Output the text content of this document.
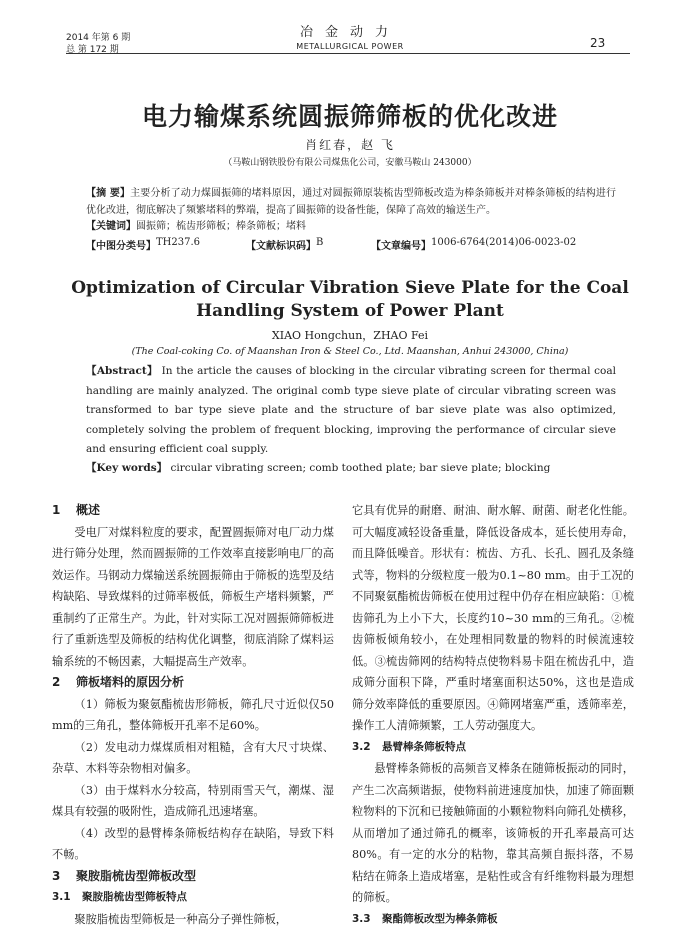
2014 年第 6 期
总 第 172 期
冶金动力
METALLURGICAL POWER	23
电力输煤系统圆振筛筛板的优化改进
肖红春，赵 飞
（马鞍山钢铁股份有限公司煤焦化公司，安徽马鞍山 243000）
【摘 要】主要分析了动力煤圆振筛的堵料原因，通过对圆振筛原装梳齿型筛板改造为棒条筛板并对棒条筛板的结构进行优化改进，彻底解决了频繁堵料的弊端，提高了圆振筛的设备性能，保障了高效的输送生产。
【关键词】圆振筛；梳齿形筛板；棒条筛板；堵料
【中图分类号】 TH237.6	【文献标识码】 B	【文章编号】 1006-6764(2014)06-0023-02
Optimization of Circular Vibration Sieve Plate for the Coal Handling System of Power Plant
XIAO Hongchun，ZHAO Fei
(The Coal-coking Co. of Maanshan Iron & Steel Co., Ltd. Maanshan, Anhui 243000, China)
【Abstract】 In the article the causes of blocking in the circular vibrating screen for thermal coal handling are mainly analyzed. The original comb type sieve plate of circular vibrating screen was transformed to bar type sieve plate and the structure of bar sieve plate was also optimized, completely solving the problem of frequent blocking, improving the performance of circular sieve and ensuring efficient coal supply.
【Key words】 circular vibrating screen; comb toothed plate; bar sieve plate; blocking
1 概述

受电厂对煤料粒度的要求，配置圆振筛对电厂动力煤进行筛分处理，然而圆振筛的工作效率直接影响电厂的高效运作。马钢动力煤输送系统圆振筛由于筛板的选型及结构缺陷、导致煤料的过筛率极低，筛板生产堵料频繁，严重制约了正常生产。为此，针对实际工况对圆振筛筛板进行了重新选型及筛板的结构优化调整，彻底消除了煤料运输系统的不畅因素，大幅提高生产效率。

2 筛板堵料的原因分析

（1）筛板为聚氨酯梳齿形筛板，筛孔尺寸近似仅50 mm的三角孔，整体筛板开孔率不足60%。

（2）发电动力煤煤质相对粗糙，含有大尺寸块煤、杂草、木料等杂物相对偏多。

（3）由于煤料水分较高，特别雨雪天气，潮煤、湿煤具有较强的吸附性，造成筛孔迅速堵塞。

（4）改型的悬臂棒条筛板结构存在缺陷，导致下料不畅。

3 聚胺脂梳齿型筛板改型
3.1 聚胺脂梳齿型筛板特点

聚胺脂梳齿型筛板是一种高分子弹性筛板，

它具有优异的耐磨、耐油、耐水解、耐菌、耐老化性能。可大幅度减轻设备重量，降低设备成本，延长使用寿命，而且降低噪音。形状有：梳齿、方孔、长孔、圆孔及条缝式等，物料的分级粒度一般为0.1~80 mm。由于工况的不同聚氨酯梳齿筛板在使用过程中仍存在相应缺陷：①梳齿筛孔为上小下大，长度约10~30 mm的三角孔。②梳齿筛板倾角较小，在处理相同数量的物料的时候流速较低。③梳齿筛网的结构特点使物料易卡阻在梳齿孔中，造成筛分面积下降，严重时堵塞面积达50%，这也是造成筛分效率降低的重要原因。④筛网堵塞严重，透筛率差，操作工人清筛频繁，工人劳动强度大。

3.2 悬臂棒条筛板特点

悬臂棒条筛板的高频音叉棒条在随筛板振动的同时，产生二次高频谐振，使物料前进速度加快，加速了筛面颗粒物料的下沉和已接触筛面的小颗粒物料向筛孔处横移，从而增加了通过筛孔的概率，该筛板的开孔率最高可达80%。有一定的水分的粘物，靠其高频自振抖落，不易粘结在筛条上造成堵塞，是粘性或含有纤维物料最为理想的筛板。

3.3 聚酯筛板改型为棒条筛板
